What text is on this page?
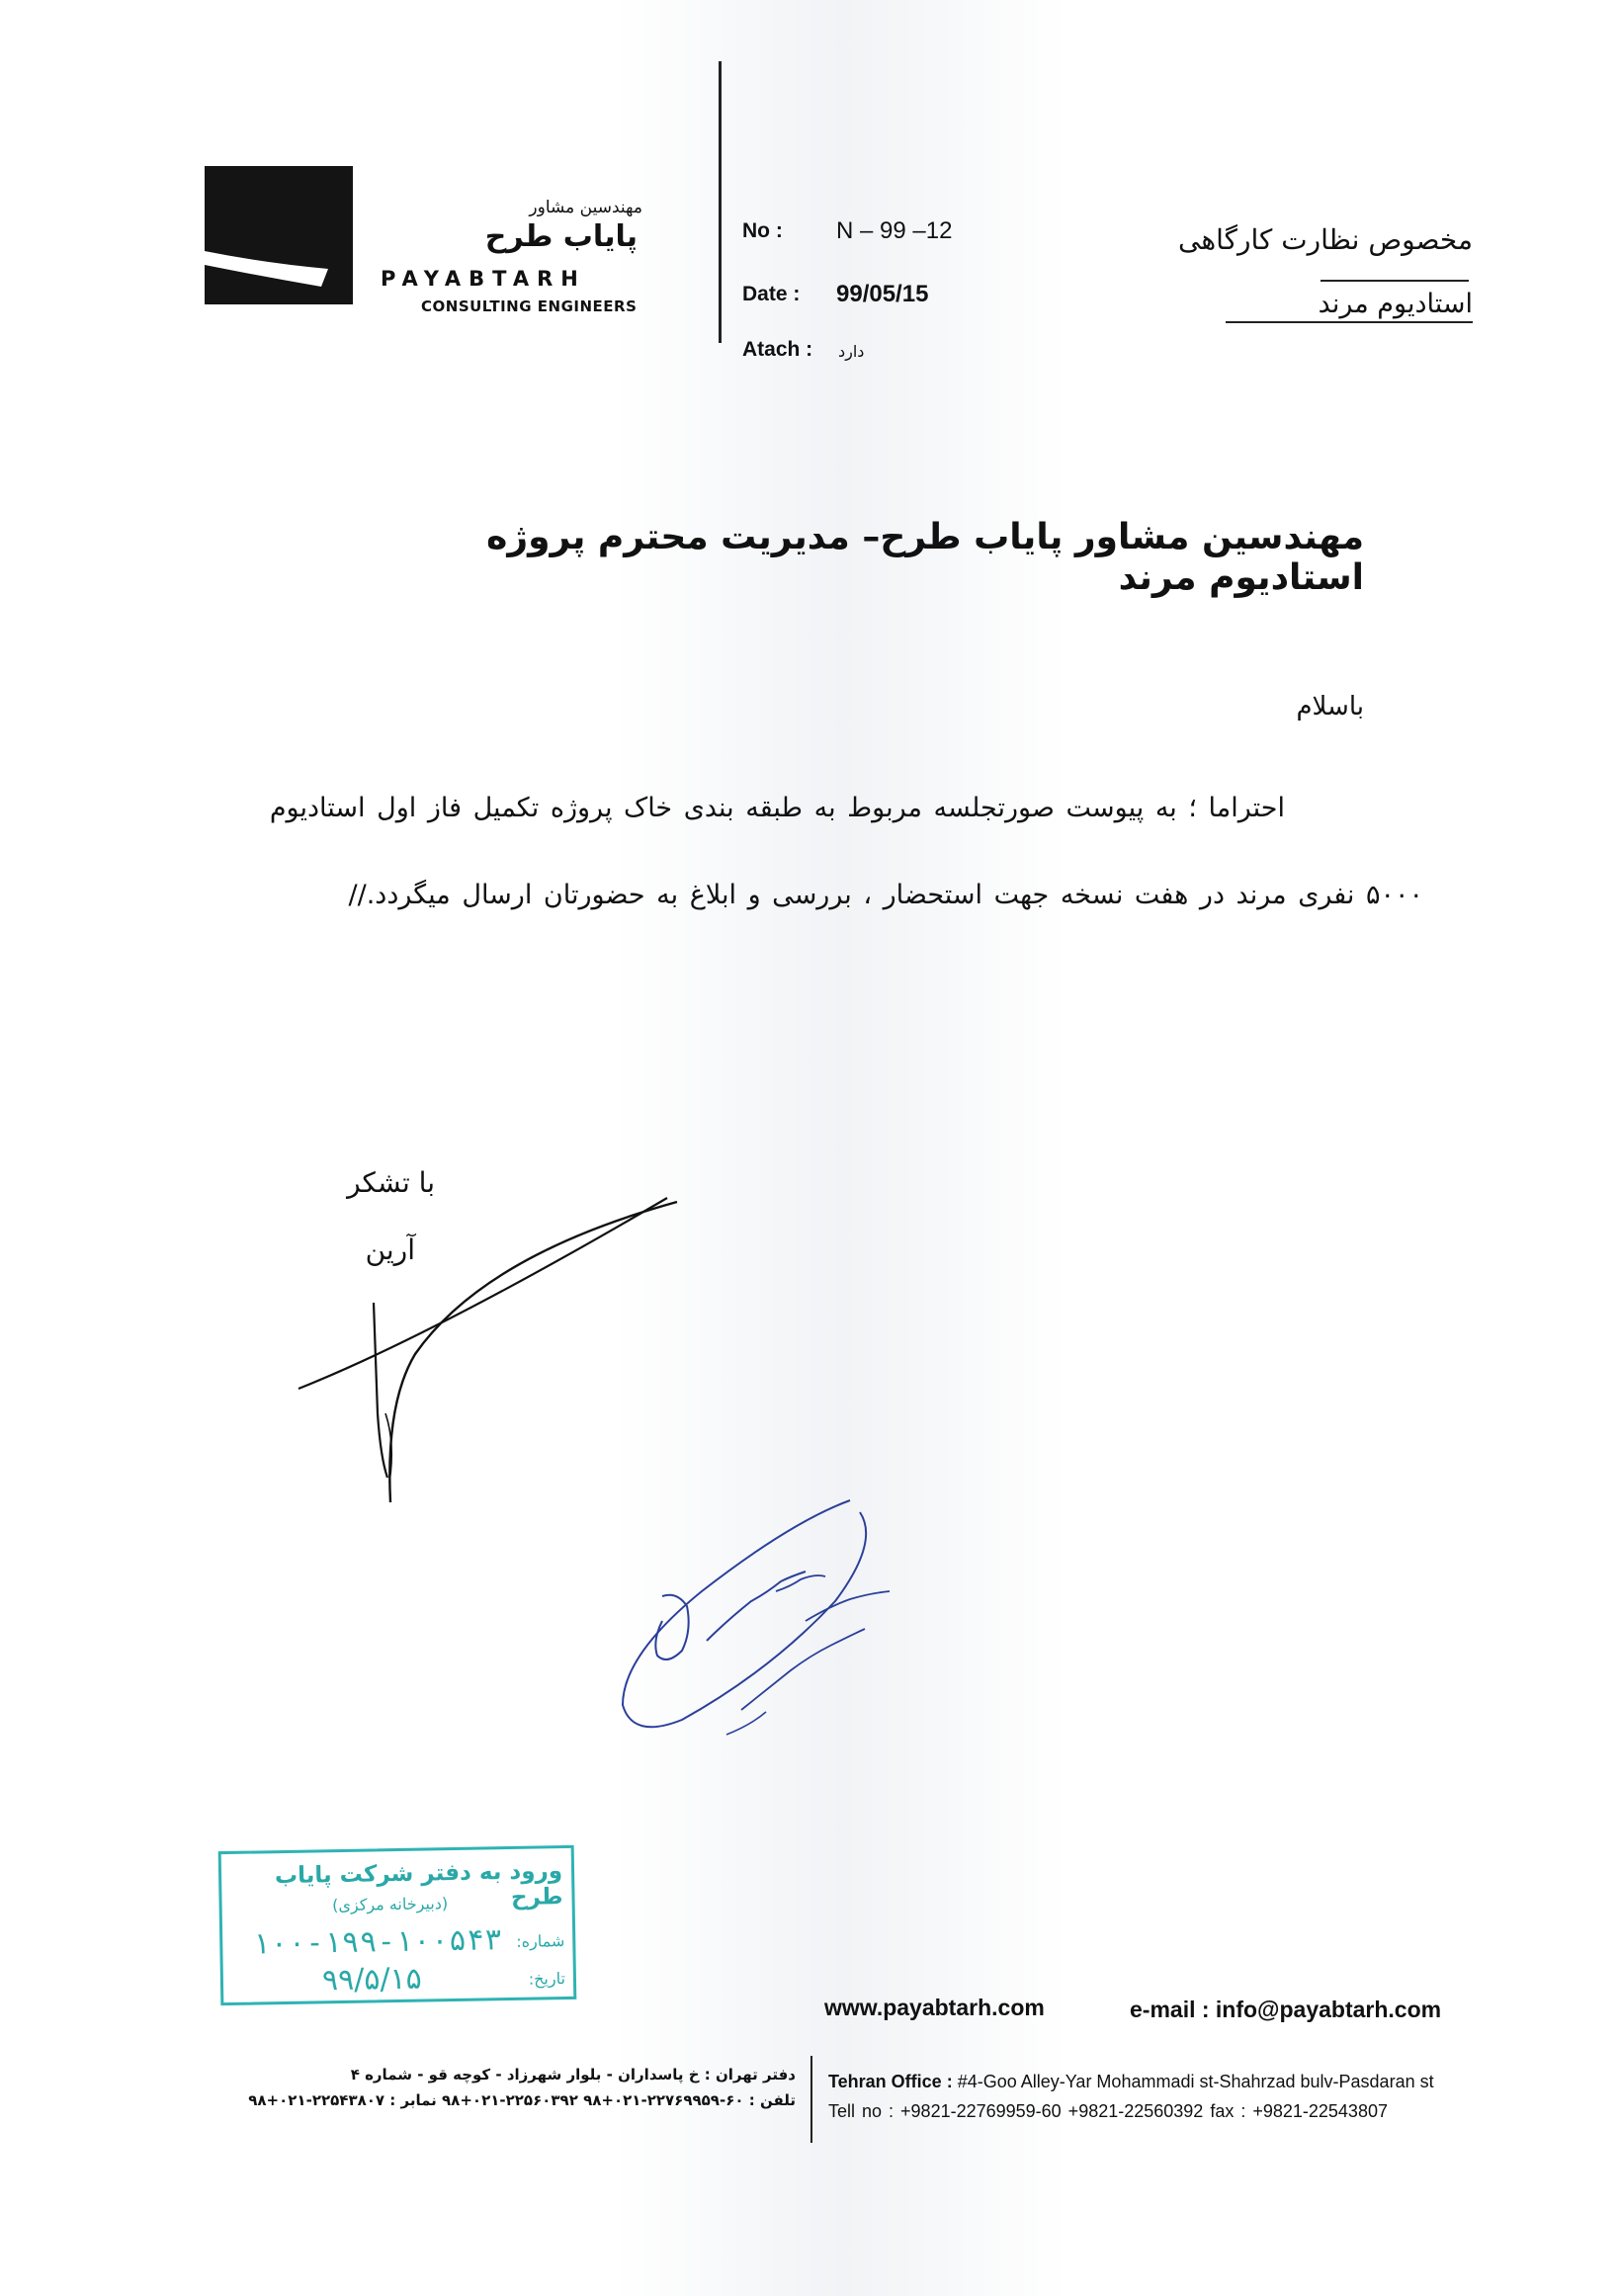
مهندسین مشاور
پایاب طرح
PAYABTARH
CONSULTING ENGINEERS
No : N – 99 –12
Date : 99/05/15
Atach : دارد
مخصوص نظارت کارگاهی
استادیوم مرند
مهندسین مشاور پایاب طرح– مدیریت محترم پروژه استادیوم مرند
باسلام
احتراما ؛ به پیوست صورتجلسه مربوط به طبقه بندی خاک پروژه تکمیل فاز اول استادیوم
۵۰۰۰ نفری مرند در هفت نسخه جهت استحضار ، بررسی و ابلاغ به حضورتان ارسال میگردد.//
با تشکر
آرین
ورود به دفتر شرکت پایاب طرح
(دبیرخانه مرکزی)
شماره:
۱۰۰-۱۹۹-۱۰۰۵۴۳
تاریخ:
۹۹/۵/۱۵
www.payabtarh.com	e-mail : info@payabtarh.com
دفتر تهران : خ پاسداران - بلوار شهرزاد - کوچه قو - شماره ۴
تلفن : ۶۰-۲۲۷۶۹۹۵۹-۰۲۱+۹۸ ۲۲۵۶۰۳۹۲-۰۲۱+۹۸ نمابر : ۲۲۵۴۳۸۰۷-۰۲۱+۹۸
Tehran Office : #4-Goo Alley-Yar Mohammadi st-Shahrzad bulv-Pasdaran st
Tell no : +9821-22769959-60 +9821-22560392 fax : +9821-22543807
